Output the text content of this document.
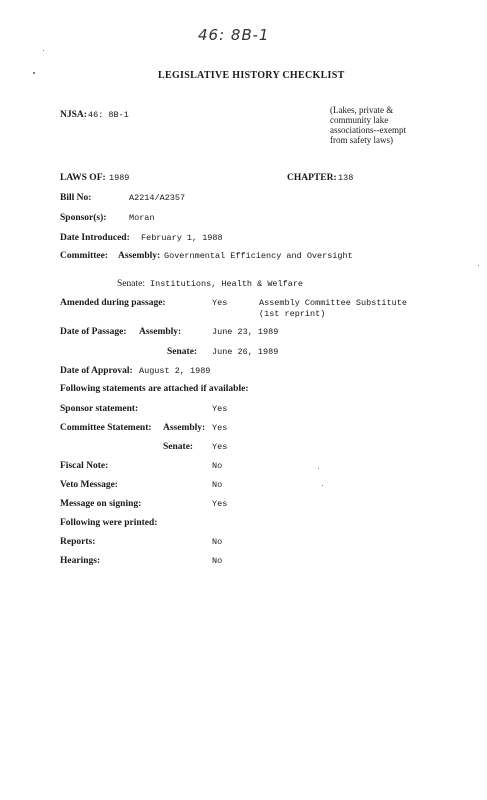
46: 8B-1
LEGISLATIVE HISTORY CHECKLIST
NJSA: 46: 8B-1	(Lakes, private & community lake associations--exempt from safety laws)
LAWS OF: 1989	CHAPTER: 138
Bill No:	A2214/A2357
Sponsor(s):	Moran
Date Introduced: February 1, 1988
Committee: Assembly: Governmental Efficiency and Oversight
Senate: Institutions, Health & Welfare
Amended during passage:	Yes	Assembly Committee Substitute
(1st reprint)
Date of Passage: Assembly:	June 23, 1989
Senate: June 26, 1989
Date of Approval: August 2, 1989
Following statements are attached if available:
Sponsor statement:	Yes
Committee Statement: Assembly: Yes
Senate: Yes
Fiscal Note:	No
Veto Message:	No
Message on signing:	Yes
Following were printed:
Reports:	No
Hearings:	No
